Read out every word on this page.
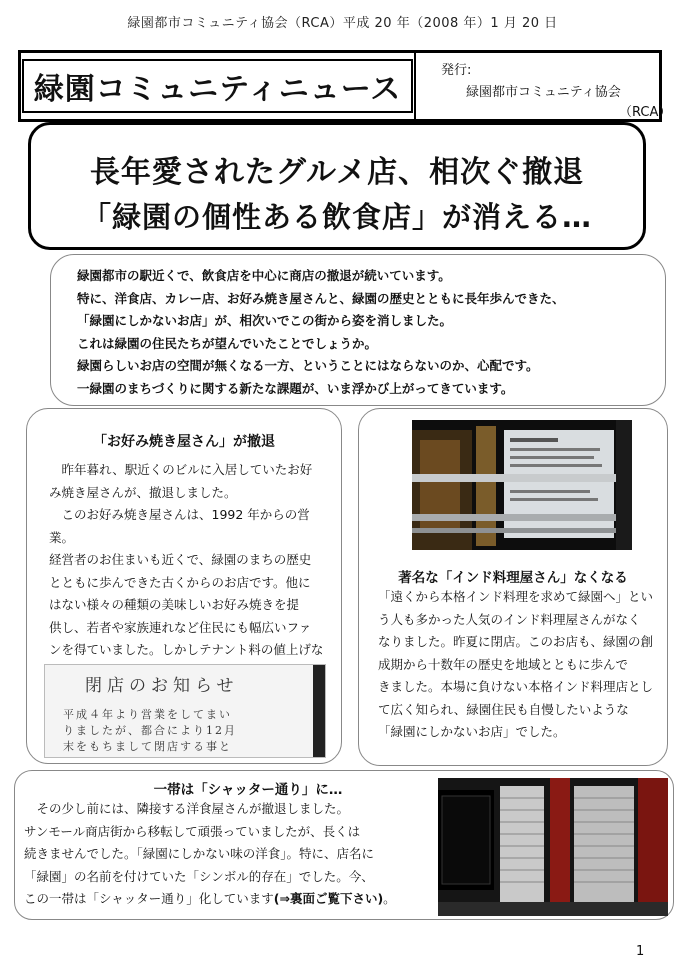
緑園都市コミュニティ協会（RCA）平成 20 年（2008 年）1 月 20 日
緑園コミュニティニュース
発行:
緑園都市コミュニティ協会
（RCA）
長年愛されたグルメ店、相次ぐ撤退
「緑園の個性ある飲食店」が消える…
緑園都市の駅近くで、飲食店を中心に商店の撤退が続いています。
特に、洋食店、カレー店、お好み焼き屋さんと、緑園の歴史とともに長年歩んできた、
「緑園にしかないお店」が、相次いでこの街から姿を消しました。
これは緑園の住民たちが望んでいたことでしょうか。
緑園らしいお店の空間が無くなる一方、ということにはならないのか、心配です。
一緑園のまちづくりに関する新たな課題が、いま浮かび上がってきています。
「お好み焼き屋さん」が撤退
　昨年暮れ、駅近くのビルに入居していたお好
み焼き屋さんが、撤退しました。
　このお好み焼き屋さんは、1992 年からの営業。
経営者のお住まいも近くで、緑園のまちの歴史
とともに歩んできた古くからのお店です。他に
はない様々の種類の美味しいお好み焼きを提
供し、若者や家族連れなど住民にも幅広いファ
ンを得ていました。しかしテナント料の値上げな
閉店のお知らせ
平成４年より営業をしてまい
りましたが、都合により12月
末をもちまして閉店する事と
著名な「インド料理屋さん」なくなる
「遠くから本格インド料理を求めて緑園へ」とい
う人も多かった人気のインド料理屋さんがなく
なりました。昨夏に閉店。このお店も、緑園の創
成期から十数年の歴史を地域とともに歩んで
きました。本場に負けない本格インド料理店とし
て広く知られ、緑園住民も自慢したいような
「緑園にしかないお店」でした。
一帯は「シャッター通り」に…
　その少し前には、隣接する洋食屋さんが撤退しました。
サンモール商店街から移転して頑張っていましたが、長くは
続きませんでした。「緑園にしかない味の洋食」。特に、店名に
「緑園」の名前を付けていた「シンボル的存在」でした。今、
この一帯は「シャッター通り」化しています(⇒裏面ご覧下さい)。
1
